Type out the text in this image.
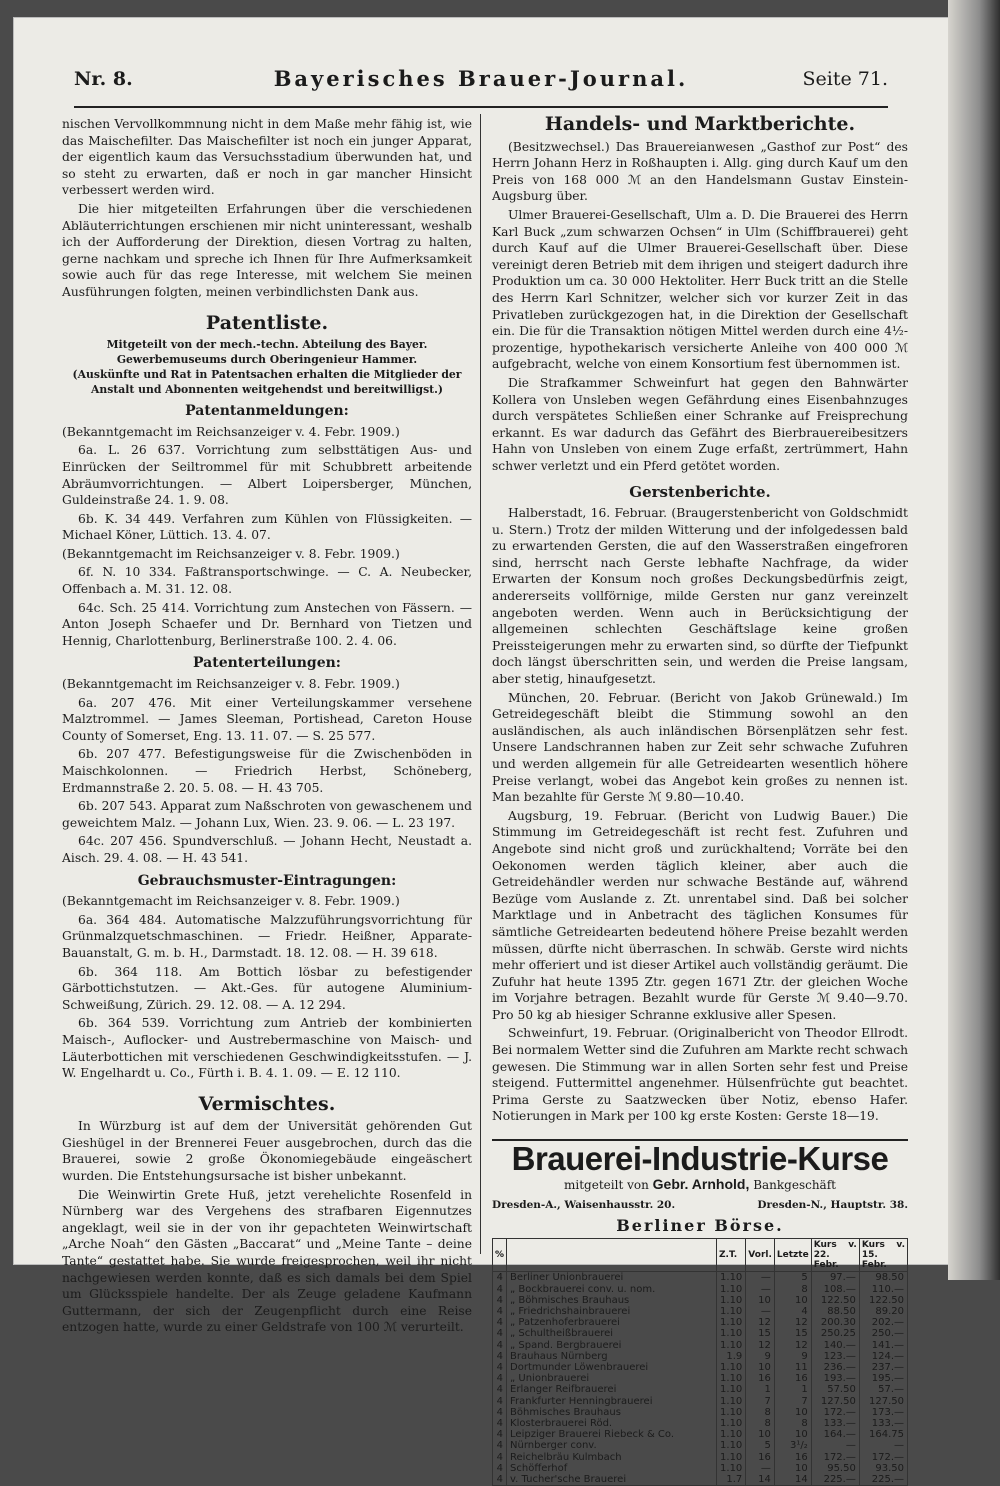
Nr. 8.	Bayerisches Brauer-Journal.	Seite 71.

nischen Vervollkommnung nicht in dem Maße mehr fähig ist, wie das Maischefilter. Das Maischefilter ist noch ein junger Apparat, der eigentlich kaum das Versuchsstadium überwunden hat, und so steht zu erwarten, daß er noch in gar mancher Hinsicht verbessert werden wird.

Die hier mitgeteilten Erfahrungen über die verschiedenen Abläuterrichtungen erschienen mir nicht uninteressant, weshalb ich der Aufforderung der Direktion, diesen Vortrag zu halten, gerne nachkam und spreche ich Ihnen für Ihre Aufmerksamkeit sowie auch für das rege Interesse, mit welchem Sie meinen Ausführungen folgten, meinen verbindlichsten Dank aus.

Patentliste.
Mitgeteilt von der mech.-techn. Abteilung des Bayer. Gewerbemuseums durch Oberingenieur Hammer.
(Auskünfte und Rat in Patentsachen erhalten die Mitglieder der Anstalt und Abonnenten weitgehendst und bereitwilligst.)
Patentanmeldungen:

(Bekanntgemacht im Reichsanzeiger v. 4. Febr. 1909.)

6a. L. 26 637. Vorrichtung zum selbsttätigen Aus- und Einrücken der Seiltrommel für mit Schubbrett arbeitende Abräumvorrichtungen. — Albert Loipersberger, München, Guldeinstraße 24. 1. 9. 08.

6b. K. 34 449. Verfahren zum Kühlen von Flüssigkeiten. — Michael Köner, Lüttich. 13. 4. 07.

(Bekanntgemacht im Reichsanzeiger v. 8. Febr. 1909.)

6f. N. 10 334. Faßtransportschwinge. — C. A. Neubecker, Offenbach a. M. 31. 12. 08.

64c. Sch. 25 414. Vorrichtung zum Anstechen von Fässern. — Anton Joseph Schaefer und Dr. Bernhard von Tietzen und Hennig, Charlottenburg, Berlinerstraße 100. 2. 4. 06.

Patenterteilungen:

(Bekanntgemacht im Reichsanzeiger v. 8. Febr. 1909.)

6a. 207 476. Mit einer Verteilungskammer versehene Malztrommel. — James Sleeman, Portishead, Careton House County of Somerset, Eng. 13. 11. 07. — S. 25 577.

6b. 207 477. Befestigungsweise für die Zwischenböden in Maischkolonnen. — Friedrich Herbst, Schöneberg, Erdmannstraße 2. 20. 5. 08. — H. 43 705.

6b. 207 543. Apparat zum Naßschroten von gewaschenem und geweichtem Malz. — Johann Lux, Wien. 23. 9. 06. — L. 23 197.

64c. 207 456. Spundverschluß. — Johann Hecht, Neustadt a. Aisch. 29. 4. 08. — H. 43 541.

Gebrauchsmuster-Eintragungen:

(Bekanntgemacht im Reichsanzeiger v. 8. Febr. 1909.)

6a. 364 484. Automatische Malzzuführungsvorrichtung für Grünmalzquetschmaschinen. — Friedr. Heißner, Apparate-Bauanstalt, G. m. b. H., Darmstadt. 18. 12. 08. — H. 39 618.

6b. 364 118. Am Bottich lösbar zu befestigender Gärbottichstutzen. — Akt.-Ges. für autogene Aluminium-Schweißung, Zürich. 29. 12. 08. — A. 12 294.

6b. 364 539. Vorrichtung zum Antrieb der kombinierten Maisch-, Auflocker- und Austrebermaschine von Maisch- und Läuterbottichen mit verschiedenen Geschwindigkeitsstufen. — J. W. Engelhardt u. Co., Fürth i. B. 4. 1. 09. — E. 12 110.

Vermischtes.

In Würzburg ist auf dem der Universität gehörenden Gut Gieshügel in der Brennerei Feuer ausgebrochen, durch das die Brauerei, sowie 2 große Ökonomiegebäude eingeäschert wurden. Die Entstehungsursache ist bisher unbekannt.

Die Weinwirtin Grete Huß, jetzt verehelichte Rosenfeld in Nürnberg war des Vergehens des strafbaren Eigennutzes angeklagt, weil sie in der von ihr gepachteten Weinwirtschaft „Arche Noah“ den Gästen „Baccarat“ und „Meine Tante – deine Tante“ gestattet habe. Sie wurde freigesprochen, weil ihr nicht nachgewiesen werden konnte, daß es sich damals bei dem Spiel um Glücksspiele handelte. Der als Zeuge geladene Kaufmann Guttermann, der sich der Zeugenpflicht durch eine Reise entzogen hatte, wurde zu einer Geldstrafe von 100 ℳ verurteilt.

Handels- und Marktberichte.

(Besitzwechsel.) Das Brauereianwesen „Gasthof zur Post“ des Herrn Johann Herz in Roßhaupten i. Allg. ging durch Kauf um den Preis von 168 000 ℳ an den Handelsmann Gustav Einstein-Augsburg über.

Ulmer Brauerei-Gesellschaft, Ulm a. D. Die Brauerei des Herrn Karl Buck „zum schwarzen Ochsen“ in Ulm (Schiffbrauerei) geht durch Kauf auf die Ulmer Brauerei-Gesellschaft über. Diese vereinigt deren Betrieb mit dem ihrigen und steigert dadurch ihre Produktion um ca. 30 000 Hektoliter. Herr Buck tritt an die Stelle des Herrn Karl Schnitzer, welcher sich vor kurzer Zeit in das Privatleben zurückgezogen hat, in die Direktion der Gesellschaft ein. Die für die Transaktion nötigen Mittel werden durch eine 4½-prozentige, hypothekarisch versicherte Anleihe von 400 000 ℳ aufgebracht, welche von einem Konsortium fest übernommen ist.

Die Strafkammer Schweinfurt hat gegen den Bahnwärter Kollera von Unsleben wegen Gefährdung eines Eisenbahnzuges durch verspätetes Schließen einer Schranke auf Freisprechung erkannt. Es war dadurch das Gefährt des Bierbrauereibesitzers Hahn von Unsleben von einem Zuge erfaßt, zertrümmert, Hahn schwer verletzt und ein Pferd getötet worden.

Gerstenberichte.

Halberstadt, 16. Februar. (Braugerstenbericht von Goldschmidt u. Stern.) Trotz der milden Witterung und der infolgedessen bald zu erwartenden Gersten, die auf den Wasserstraßen eingefroren sind, herrscht nach Gerste lebhafte Nachfrage, da wider Erwarten der Konsum noch großes Deckungsbedürfnis zeigt, andererseits vollförnige, milde Gersten nur ganz vereinzelt angeboten werden. Wenn auch in Berücksichtigung der allgemeinen schlechten Geschäftslage keine großen Preissteigerungen mehr zu erwarten sind, so dürfte der Tiefpunkt doch längst überschritten sein, und werden die Preise langsam, aber stetig, hinaufgesetzt.

München, 20. Februar. (Bericht von Jakob Grünewald.) Im Getreidegeschäft bleibt die Stimmung sowohl an den ausländischen, als auch inländischen Börsenplätzen sehr fest. Unsere Landschrannen haben zur Zeit sehr schwache Zufuhren und werden allgemein für alle Getreidearten wesentlich höhere Preise verlangt, wobei das Angebot kein großes zu nennen ist. Man bezahlte für Gerste ℳ 9.80—10.40.

Augsburg, 19. Februar. (Bericht von Ludwig Bauer.) Die Stimmung im Getreidegeschäft ist recht fest. Zufuhren und Angebote sind nicht groß und zurückhaltend; Vorräte bei den Oekonomen werden täglich kleiner, aber auch die Getreidehändler werden nur schwache Bestände auf, während Bezüge vom Auslande z. Zt. unrentabel sind. Daß bei solcher Marktlage und in Anbetracht des täglichen Konsumes für sämtliche Getreidearten bedeutend höhere Preise bezahlt werden müssen, dürfte nicht überraschen. In schwäb. Gerste wird nichts mehr offeriert und ist dieser Artikel auch vollständig geräumt. Die Zufuhr hat heute 1395 Ztr. gegen 1671 Ztr. der gleichen Woche im Vorjahre betragen. Bezahlt wurde für Gerste ℳ 9.40—9.70. Pro 50 kg ab hiesiger Schranne exklusive aller Spesen.

Schweinfurt, 19. Februar. (Originalbericht von Theodor Ellrodt. Bei normalem Wetter sind die Zufuhren am Markte recht schwach gewesen. Die Stimmung war in allen Sorten sehr fest und Preise steigend. Futtermittel angenehmer. Hülsenfrüchte gut beachtet. Prima Gerste zu Saatzwecken über Notiz, ebenso Hafer. Notierungen in Mark per 100 kg erste Kosten: Gerste 18—19.

Brauerei-Industrie-Kurse
mitgeteilt von Gebr. Arnhold, Bankgeschäft
Dresden-A., Waisenhausstr. 20.	Dresden-N., Hauptstr. 38.
Berliner Börse.
%		Z.T.	Vorl.	Letzte	Kurs v. 22. Febr.	Kurs v. 15. Febr.
4	Berliner Unionbrauerei	1.10	—	5	97.—	98.50
4	„ Bockbrauerei conv. u. nom.	1.10	—	8	108.—	110.—
4	„ Böhmisches Brauhaus	1.10	10	10	122.50	122.50
4	„ Friedrichshainbrauerei	1.10	—	4	88.50	89.20
4	„ Patzenhoferbrauerei	1.10	12	12	200.30	202.—
4	„ Schultheißbrauerei	1.10	15	15	250.25	250.—
4	„ Spand. Bergbrauerei	1.10	12	12	140.—	141.—
4	Brauhaus Nürnberg	1.9	9	9	123.—	124.—
4	Dortmunder Löwenbrauerei	1.10	10	11	236.—	237.—
4	„ Unionbrauerei	1.10	16	16	193.—	195.—
4	Erlanger Reifbrauerei	1.10	1	1	57.50	57.—
4	Frankfurter Henningbrauerei	1.10	7	7	127.50	127.50
4	Böhmisches Brauhaus	1.10	8	10	172.—	173.—
4	Klosterbrauerei Röd.	1.10	8	8	133.—	133.—
4	Leipziger Brauerei Riebeck & Co.	1.10	10	10	164.—	164.75
4	Nürnberger conv.	1.10	5	3¹/₂	—	—
4	Reichelbräu Kulmbach	1.10	16	16	172.—	172.—
4	Schöfferhof	1.10	—	10	95.50	93.50
4	v. Tucher'sche Brauerei	1.7	14	14	225.—	225.—
